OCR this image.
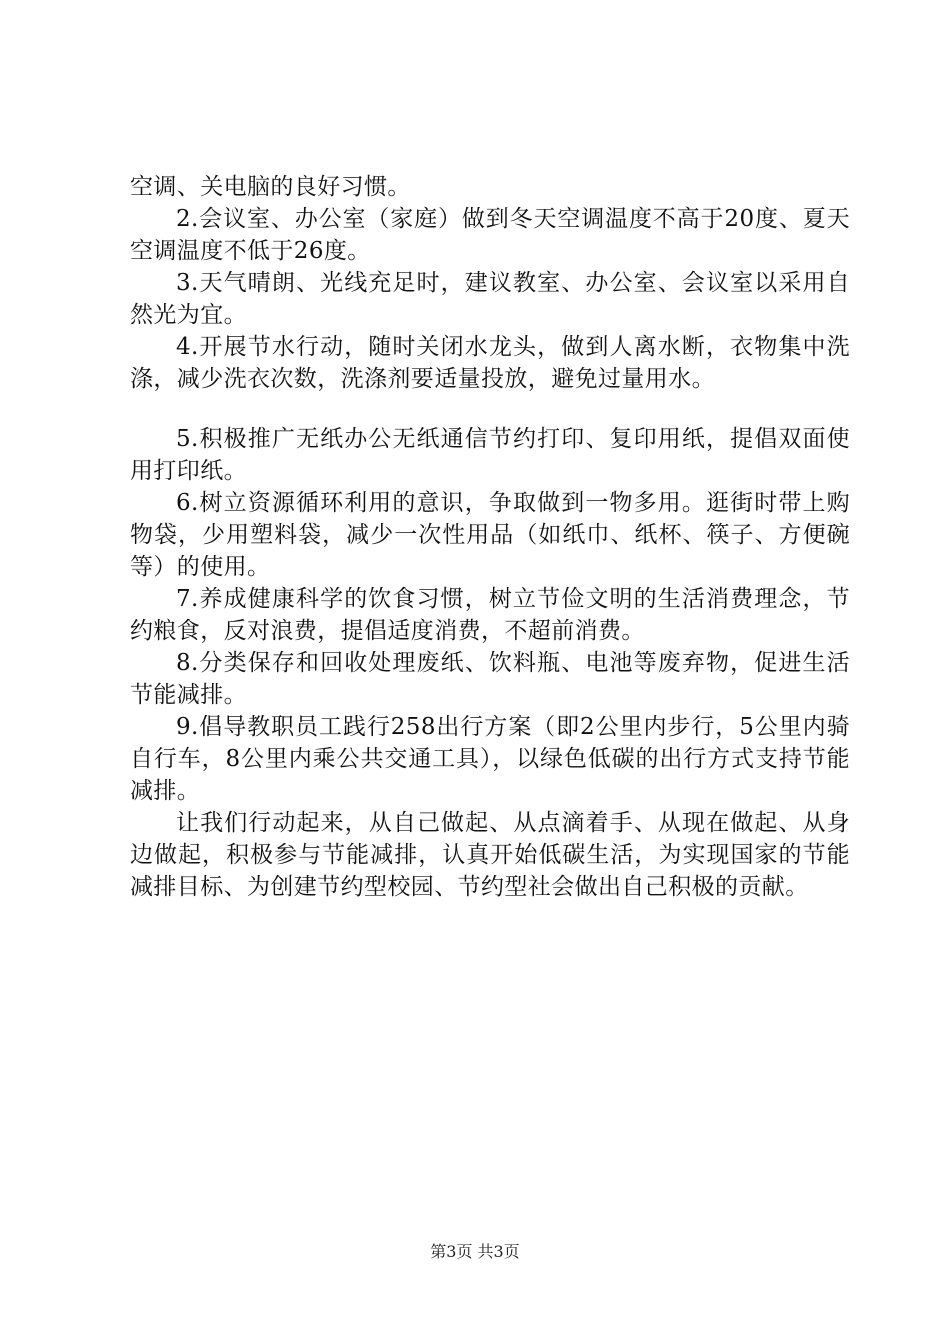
空调、关电脑的良好习惯。

2.会议室、办公室（家庭）做到冬天空调温度不高于20度、夏天空调温度不低于26度。

3.天气晴朗、光线充足时，建议教室、办公室、会议室以采用自然光为宜。

4.开展节水行动，随时关闭水龙头，做到人离水断，衣物集中洗涤，减少洗衣次数，洗涤剂要适量投放，避免过量用水。

5.积极推广无纸办公无纸通信节约打印、复印用纸，提倡双面使用打印纸。

6.树立资源循环利用的意识，争取做到一物多用。逛街时带上购物袋，少用塑料袋，减少一次性用品（如纸巾、纸杯、筷子、方便碗等）的使用。

7.养成健康科学的饮食习惯，树立节俭文明的生活消费理念，节约粮食，反对浪费，提倡适度消费，不超前消费。

8.分类保存和回收处理废纸、饮料瓶、电池等废弃物，促进生活节能减排。

9.倡导教职员工践行258出行方案（即2公里内步行，5公里内骑自行车，8公里内乘公共交通工具），以绿色低碳的出行方式支持节能减排。

让我们行动起来，从自己做起、从点滴着手、从现在做起、从身边做起，积极参与节能减排，认真开始低碳生活，为实现国家的节能减排目标、为创建节约型校园、节约型社会做出自己积极的贡献。

第3页 共3页
